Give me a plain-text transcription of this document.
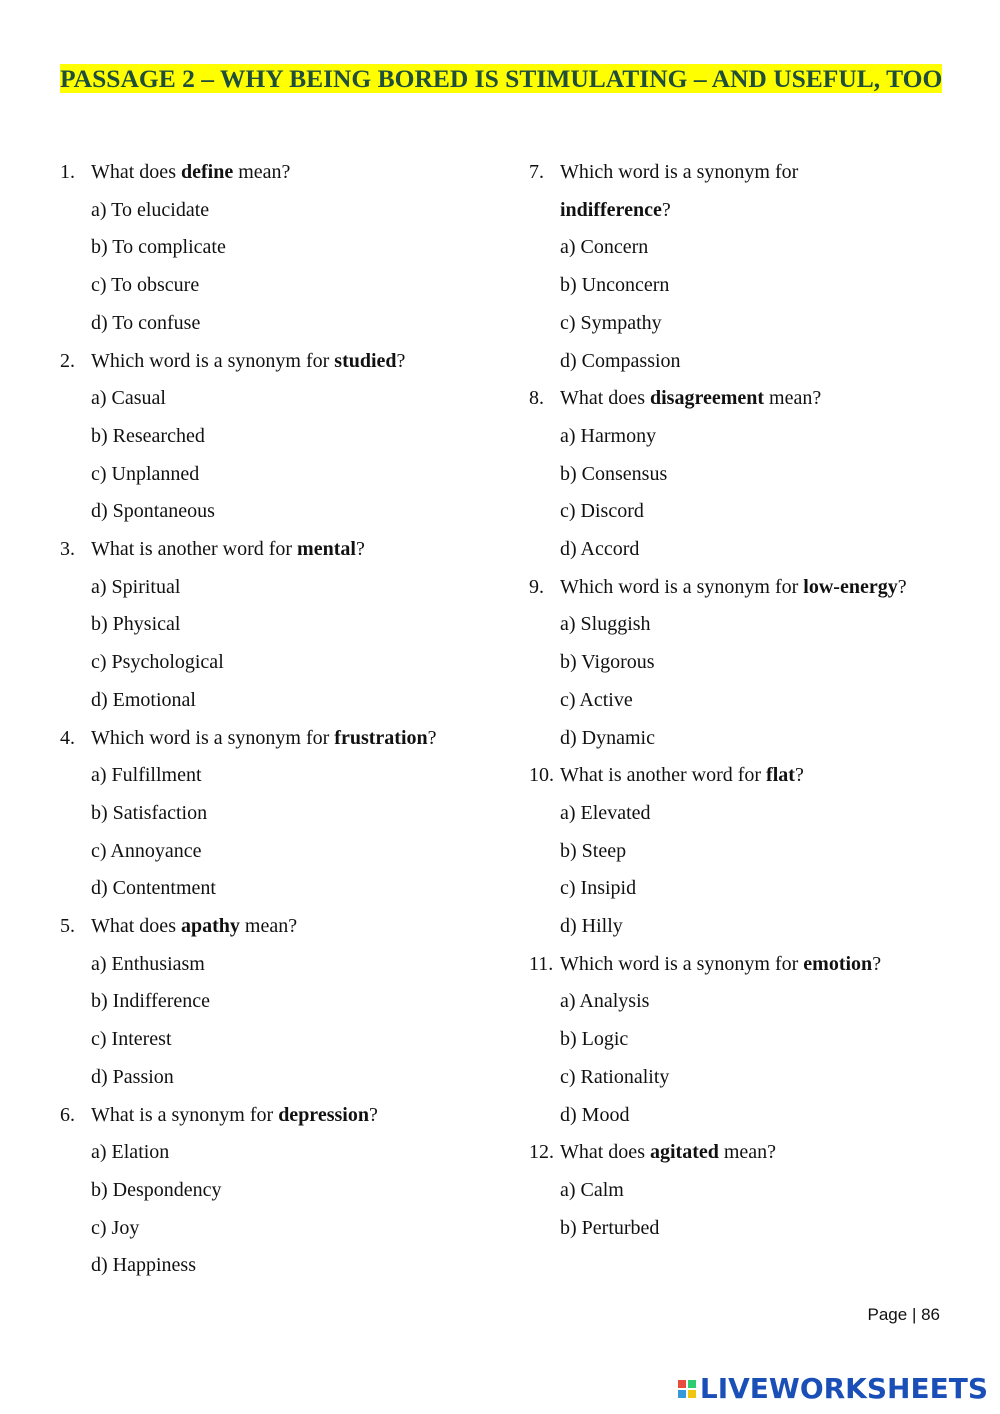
PASSAGE 2 – WHY BEING BORED IS STIMULATING – AND USEFUL, TOO
1. What does define mean?
a) To elucidate
b) To complicate
c) To obscure
d) To confuse
2. Which word is a synonym for studied?
a) Casual
b) Researched
c) Unplanned
d) Spontaneous
3. What is another word for mental?
a) Spiritual
b) Physical
c) Psychological
d) Emotional
4. Which word is a synonym for frustration?
a) Fulfillment
b) Satisfaction
c) Annoyance
d) Contentment
5. What does apathy mean?
a) Enthusiasm
b) Indifference
c) Interest
d) Passion
6. What is a synonym for depression?
a) Elation
b) Despondency
c) Joy
d) Happiness
7. Which word is a synonym for
indifference?
a) Concern
b) Unconcern
c) Sympathy
d) Compassion
8. What does disagreement mean?
a) Harmony
b) Consensus
c) Discord
d) Accord
9. Which word is a synonym for low-energy?
a) Sluggish
b) Vigorous
c) Active
d) Dynamic
10. What is another word for flat?
a) Elevated
b) Steep
c) Insipid
d) Hilly
11. Which word is a synonym for emotion?
a) Analysis
b) Logic
c) Rationality
d) Mood
12. What does agitated mean?
a) Calm
b) Perturbed
Page | 86
LIVEWORKSHEETS
